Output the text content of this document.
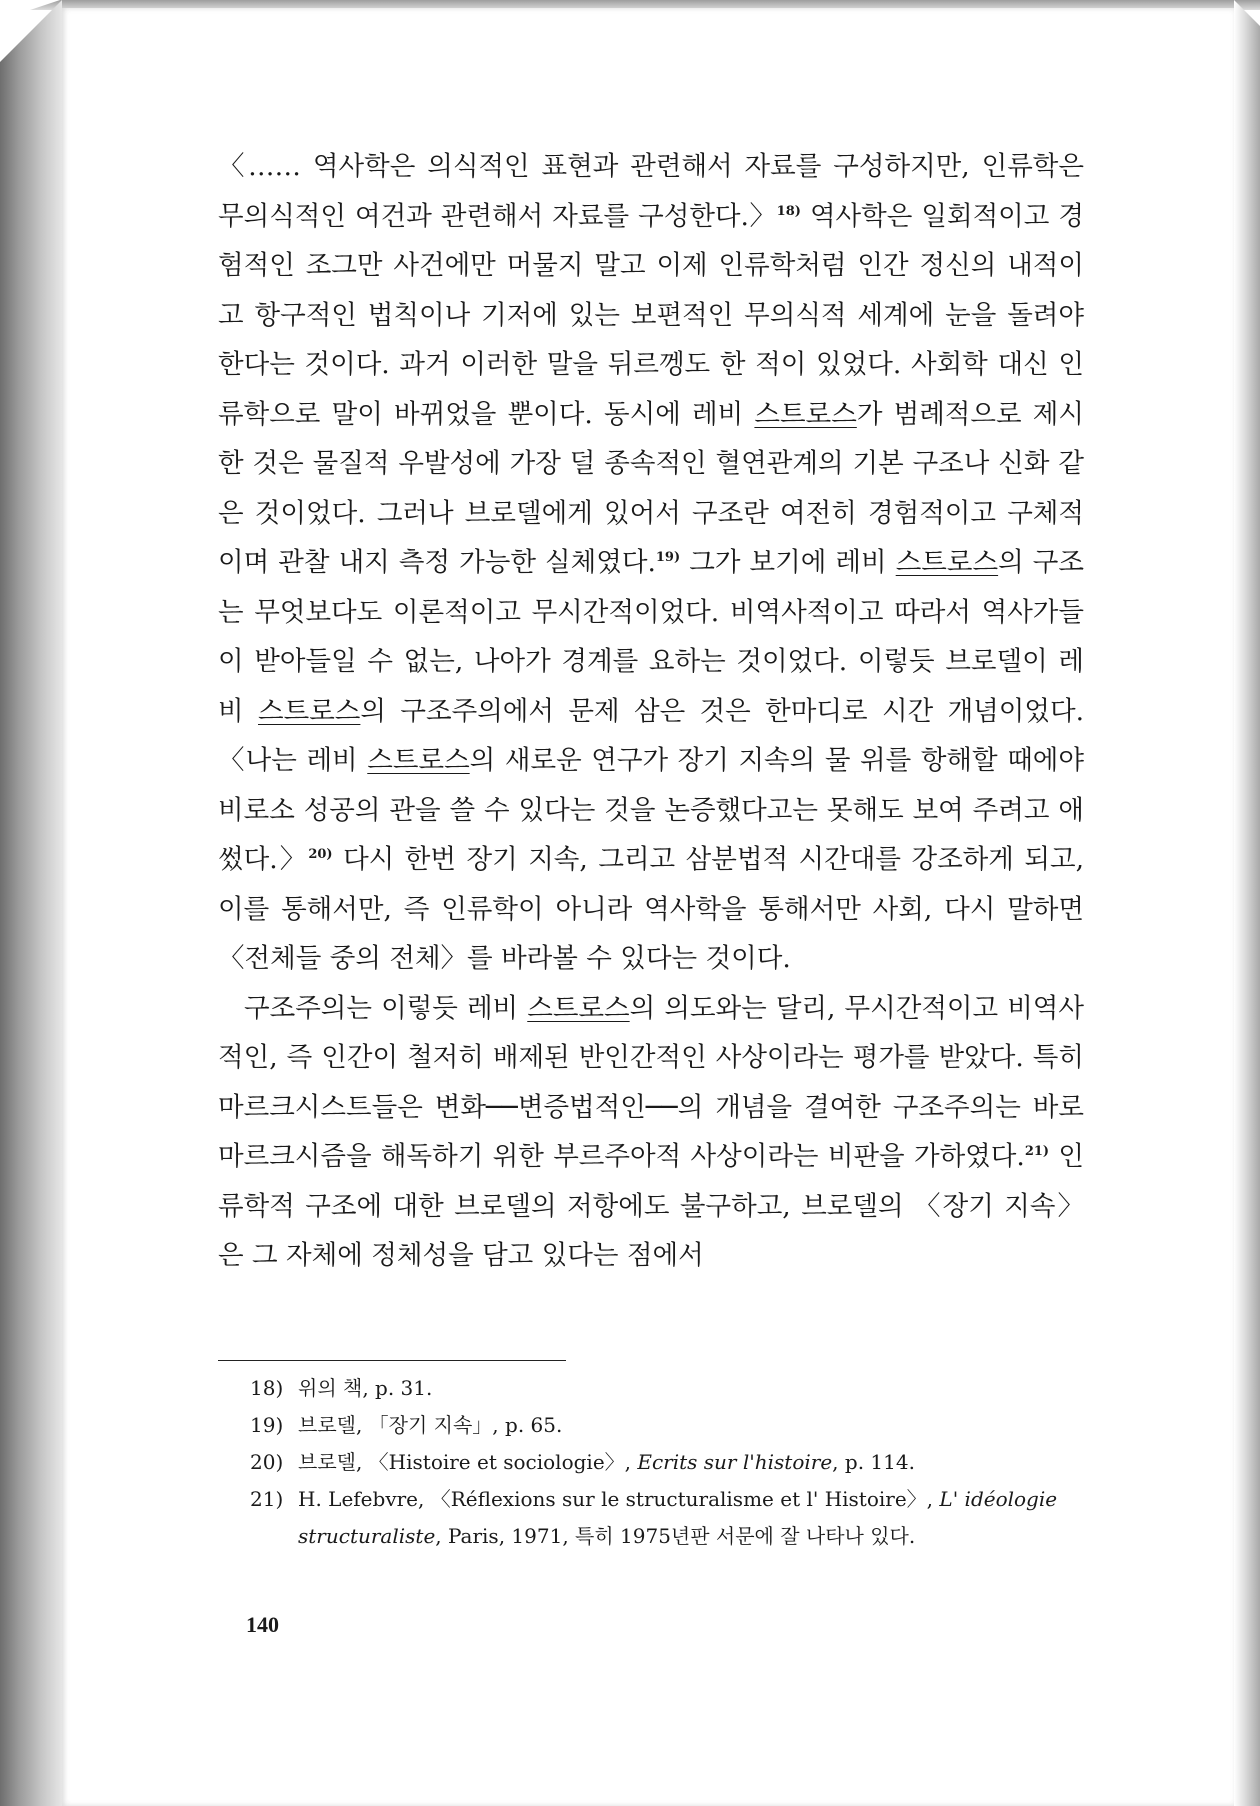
〈…… 역사학은 의식적인 표현과 관련해서 자료를 구성하지만, 인류학은 무의식적인 여건과 관련해서 자료를 구성한다.〉$^{18)}$ 역사학은 일회적이고 경험적인 조그만 사건에만 머물지 말고 이제 인류학처럼 인간 정신의 내적이고 항구적인 법칙이나 기저에 있는 보편적인 무의식적 세계에 눈을 돌려야 한다는 것이다. 과거 이러한 말을 뒤르껭도 한 적이 있었다. 사회학 대신 인류학으로 말이 바뀌었을 뿐이다. 동시에 레비 스트로스가 범례적으로 제시한 것은 물질적 우발성에 가장 덜 종속적인 혈연관계의 기본 구조나 신화 같은 것이었다. 그러나 브로델에게 있어서 구조란 여전히 경험적이고 구체적이며 관찰 내지 측정 가능한 실체였다.$^{19)}$ 그가 보기에 레비 스트로스의 구조는 무엇보다도 이론적이고 무시간적이었다. 비역사적이고 따라서 역사가들이 받아들일 수 없는, 나아가 경계를 요하는 것이었다. 이렇듯 브로델이 레비 스트로스의 구조주의에서 문제 삼은 것은 한마디로 시간 개념이었다. 〈나는 레비 스트로스의 새로운 연구가 장기 지속의 물 위를 항해할 때에야 비로소 성공의 관을 쓸 수 있다는 것을 논증했다고는 못해도 보여 주려고 애썼다.〉$^{20)}$ 다시 한번 장기 지속, 그리고 삼분법적 시간대를 강조하게 되고, 이를 통해서만, 즉 인류학이 아니라 역사학을 통해서만 사회, 다시 말하면 〈전체들 중의 전체〉를 바라볼 수 있다는 것이다.

구조주의는 이렇듯 레비 스트로스의 의도와는 달리, 무시간적이고 비역사적인, 즉 인간이 철저히 배제된 반인간적인 사상이라는 평가를 받았다. 특히 마르크시스트들은 변화──변증법적인──의 개념을 결여한 구조주의는 바로 마르크시즘을 해독하기 위한 부르주아적 사상이라는 비판을 가하였다.$^{21)}$ 인류학적 구조에 대한 브로델의 저항에도 불구하고, 브로델의 〈장기 지속〉은 그 자체에 정체성을 담고 있다는 점에서

18) 위의 책, p. 31.
19) 브로델, 「장기 지속」, p. 65.
20) 브로델, 〈Histoire et sociologie〉, Ecrits sur l'histoire, p. 114.
21) H. Lefebvre, 〈Réflexions sur le structuralisme et l' Histoire〉, L' idéologie structuraliste, Paris, 1971, 특히 1975년판 서문에 잘 나타나 있다.
140
